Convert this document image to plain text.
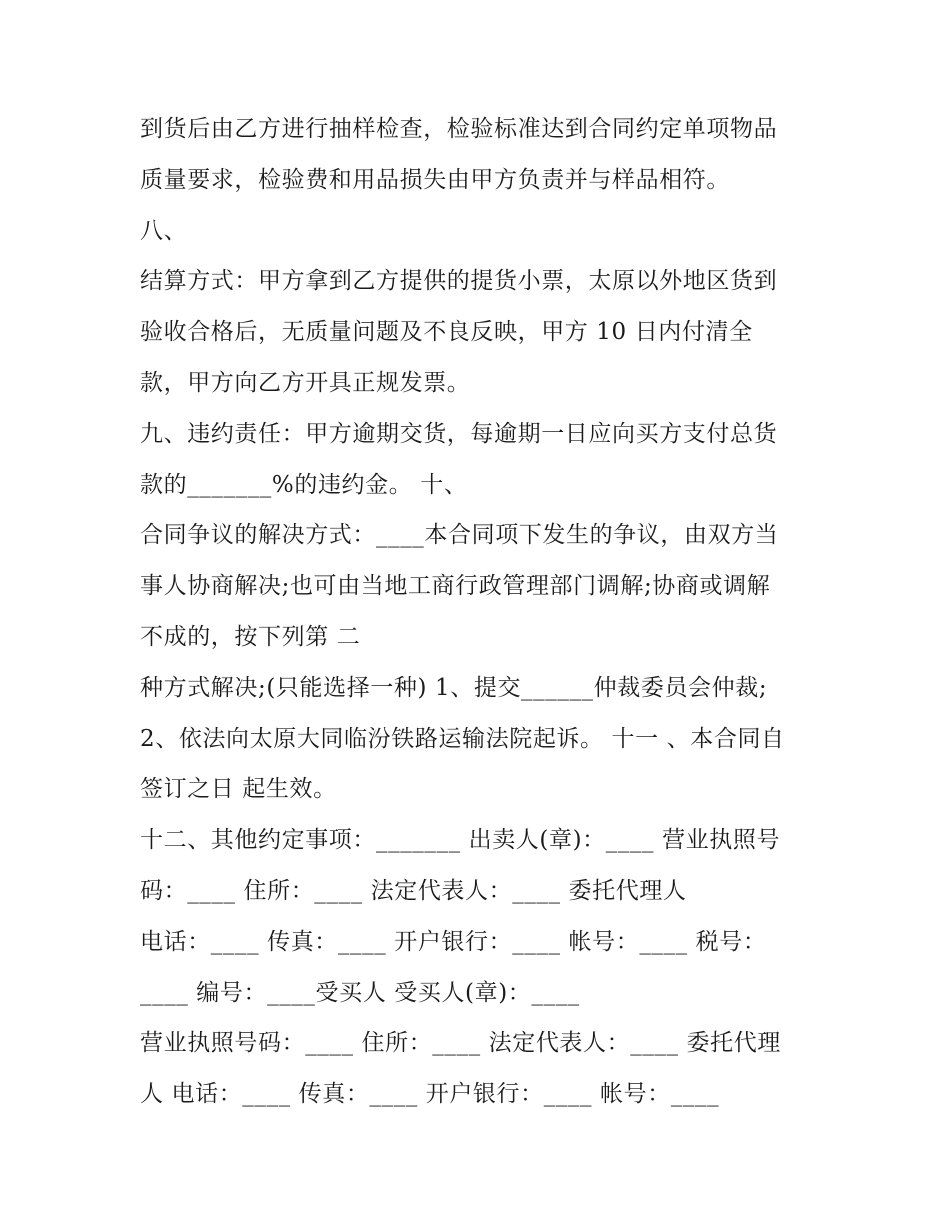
到货后由乙方进行抽样检查，检验标准达到合同约定单项物品
质量要求，检验费和用品损失由甲方负责并与样品相符。
八、
结算方式：甲方拿到乙方提供的提货小票，太原以外地区货到
验收合格后，无质量问题及不良反映，甲方 10 日内付清全
款，甲方向乙方开具正规发票。
九、违约责任：甲方逾期交货，每逾期一日应向买方支付总货
款的_______%的违约金。 十、
合同争议的解决方式：____本合同项下发生的争议，由双方当
事人协商解决;也可由当地工商行政管理部门调解;协商或调解
不成的，按下列第 二
种方式解决;(只能选择一种) 1、提交______仲裁委员会仲裁;
2、依法向太原大同临汾铁路运输法院起诉。 十一 、本合同自
签订之日 起生效。
十二、其他约定事项：_______ 出卖人(章)：____ 营业执照号
码：____ 住所：____ 法定代表人：____ 委托代理人
电话：____ 传真：____ 开户银行：____ 帐号：____ 税号：
____ 编号：____受买人 受买人(章)：____
营业执照号码：____ 住所：____ 法定代表人：____ 委托代理
人 电话：____ 传真：____ 开户银行：____ 帐号：____
